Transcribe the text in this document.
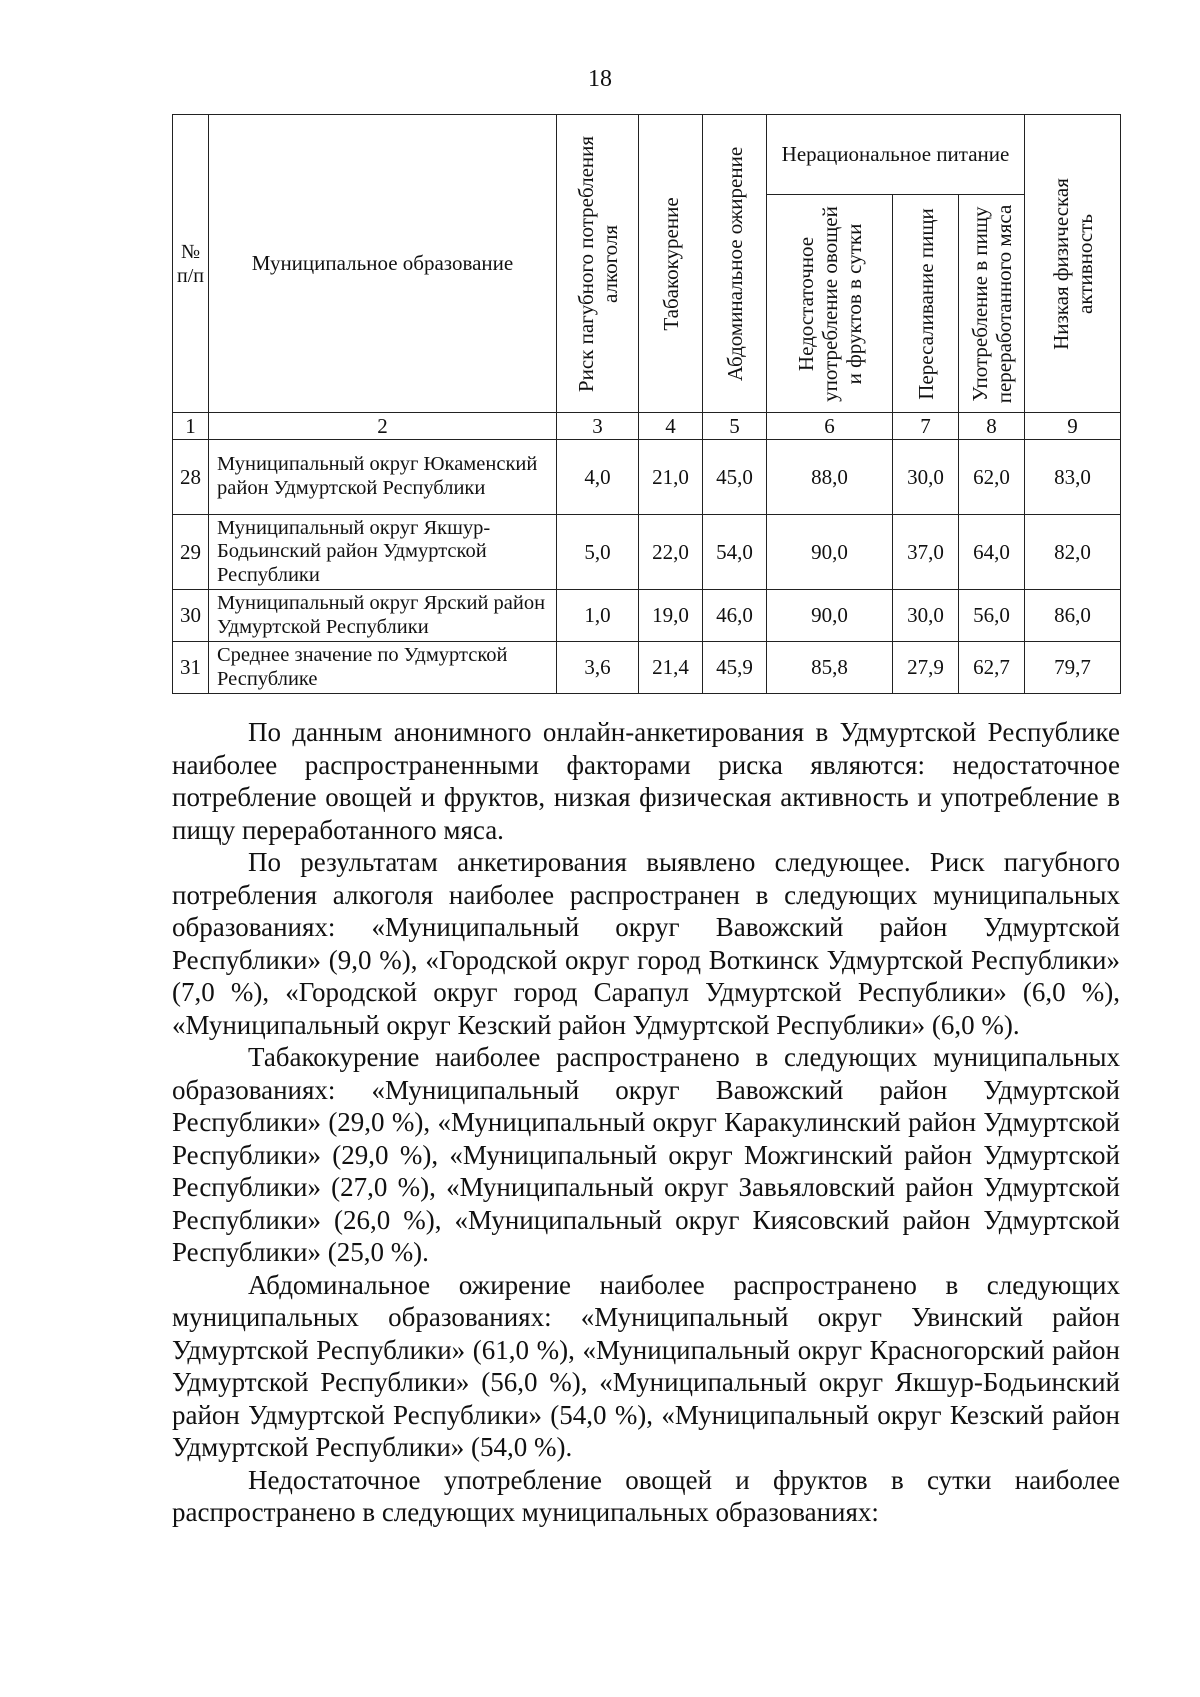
18
№ п/п	Муниципальное образование	Риск пагубного потребления алкоголя	Табакокурение	Абдоминальное ожирение	Нерациональное питание			Низкая физическая активность

					Недостаточное употребление овощей и фруктов в сутки	Пересаливание пищи	Употребление в пищу переработанного мяса	

1	2	3	4	5	6	7	8	9
28	Муниципальный округ Юкаменский район Удмуртской Республики	4,0	21,0	45,0	88,0	30,0	62,0	83,0
29	Муниципальный округ Якшур-Бодьинский район Удмуртской Республики	5,0	22,0	54,0	90,0	37,0	64,0	82,0
30	Муниципальный округ Ярский район Удмуртской Республики	1,0	19,0	46,0	90,0	30,0	56,0	86,0
31	Среднее значение по Удмуртской Республике	3,6	21,4	45,9	85,8	27,9	62,7	79,7

По данным анонимного онлайн-анкетирования в Удмуртской Республике наиболее распространенными факторами риска являются: недостаточное потребление овощей и фруктов, низкая физическая активность и употребление в пищу переработанного мяса.

По результатам анкетирования выявлено следующее. Риск пагубного потребления алкоголя наиболее распространен в следующих муниципальных образованиях: «Муниципальный округ Вавожский район Удмуртской Республики» (9,0 %), «Городской округ город Воткинск Удмуртской Республики» (7,0 %), «Городской округ город Сарапул Удмуртской Республики» (6,0 %), «Муниципальный округ Кезский район Удмуртской Республики» (6,0 %).

Табакокурение наиболее распространено в следующих муниципальных образованиях: «Муниципальный округ Вавожский район Удмуртской Республики» (29,0 %), «Муниципальный округ Каракулинский район Удмуртской Республики» (29,0 %), «Муниципальный округ Можгинский район Удмуртской Республики» (27,0 %), «Муниципальный округ Завьяловский район Удмуртской Республики» (26,0 %), «Муниципальный округ Киясовский район Удмуртской Республики» (25,0 %).

Абдоминальное ожирение наиболее распространено в следующих муниципальных образованиях: «Муниципальный округ Увинский район Удмуртской Республики» (61,0 %), «Муниципальный округ Красногорский район Удмуртской Республики» (56,0 %), «Муниципальный округ Якшур-Бодьинский район Удмуртской Республики» (54,0 %), «Муниципальный округ Кезский район Удмуртской Республики» (54,0 %).

Недостаточное употребление овощей и фруктов в сутки наиболее распространено в следующих муниципальных образованиях:
